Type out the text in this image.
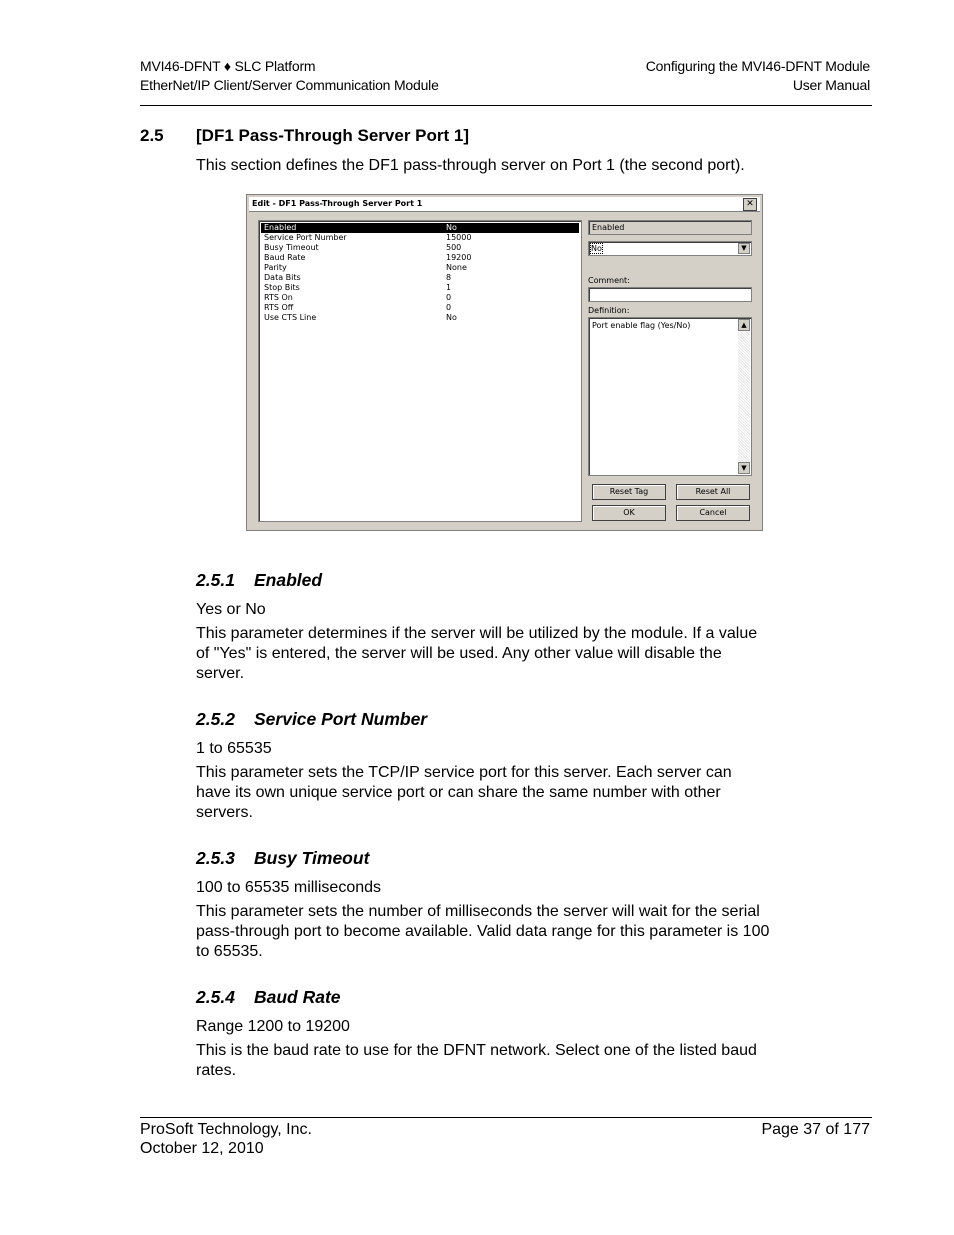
MVI46-DFNT ♦ SLC Platform
EtherNet/IP Client/Server Communication Module
Configuring the MVI46-DFNT Module
User Manual
2.5 [DF1 Pass-Through Server Port 1]
This section defines the DF1 pass-through server on Port 1 (the second port).
Edit - DF1 Pass-Through Server Port 1	✕
Enabled	No
Service Port Number	15000
Busy Timeout	500
Baud Rate	19200
Parity	None
Data Bits	8
Stop Bits	1
RTS On	0
RTS Off	0
Use CTS Line	No
Enabled
No	▼
Comment:
Definition:
Port enable flag (Yes/No)	▲
▼
Reset Tag	Reset All
OK	Cancel
2.5.1 Enabled
Yes or No
This parameter determines if the server will be utilized by the module. If a value
of "Yes" is entered, the server will be used. Any other value will disable the
server.
2.5.2 Service Port Number
1 to 65535
This parameter sets the TCP/IP service port for this server. Each server can
have its own unique service port or can share the same number with other
servers.
2.5.3 Busy Timeout
100 to 65535 milliseconds
This parameter sets the number of milliseconds the server will wait for the serial
pass-through port to become available. Valid data range for this parameter is 100
to 65535.
2.5.4 Baud Rate
Range 1200 to 19200
This is the baud rate to use for the DFNT network. Select one of the listed baud
rates.
ProSoft Technology, Inc.
October 12, 2010
Page 37 of 177
